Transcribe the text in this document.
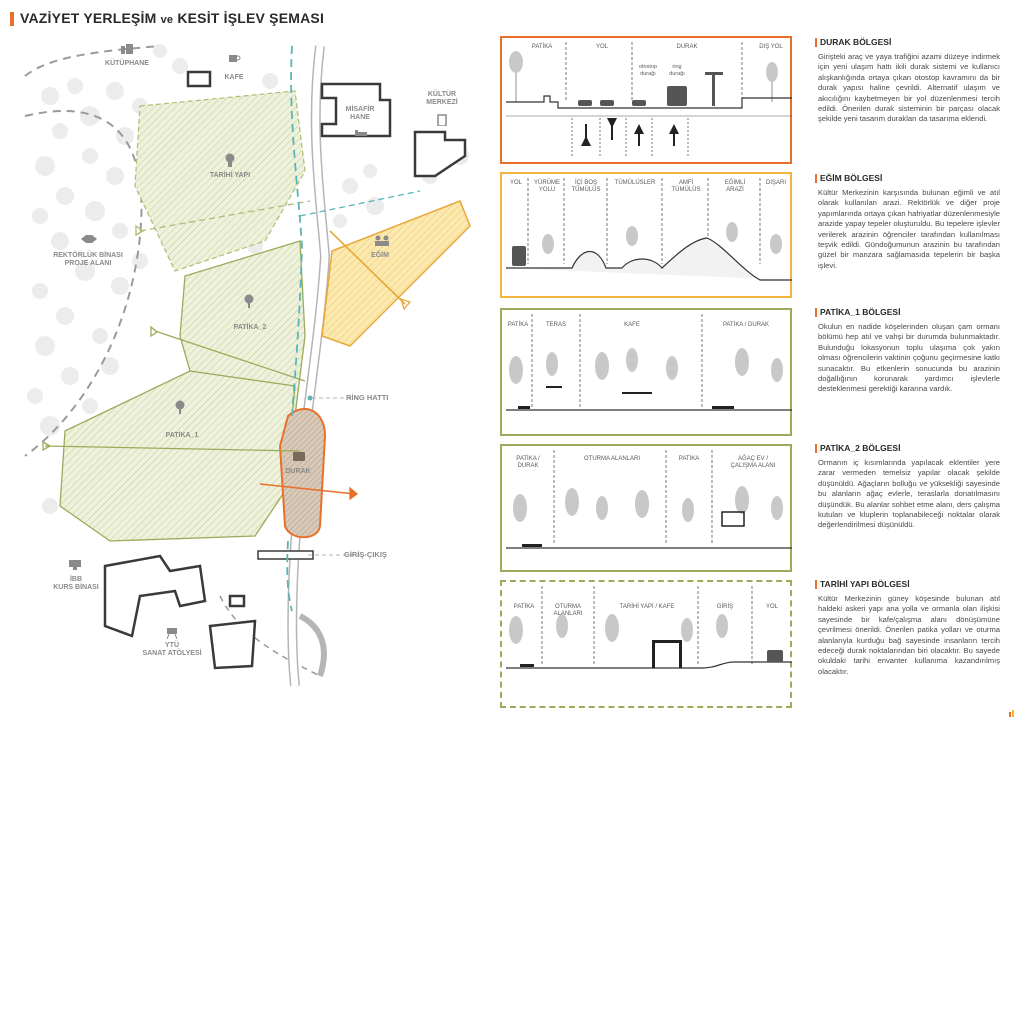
VAZİYET YERLEŞİM ve KESİT İŞLEV ŞEMASI
KÜTÜPHANE
KAFE
MİSAFİR
HANE
KÜLTÜR
MERKEZİ
TARİHİ YAPI
EĞİM
REKTÖRLÜK BİNASI
PROJE ALANI
PATİKA_2
PATİKA_1
DURAK
RİNG HATTI
GİRİŞ-ÇIKIŞ
İBB
KURS BİNASI
YTÜ
SANAT ATÖLYESİ
PATİKA	YOL	DURAK	DIŞ YOL
otostop
durağı
ring
durağı
YOL	YÜRÜME
YOLU
İÇİ BOŞ
TÜMÜLÜS
TÜMÜLÜSLER	AMFİ
TÜMÜLÜS
EĞİMLİ
ARAZİ
DIŞARI
PATİKA	TERAS	KAFE	PATİKA / DURAK
PATİKA /
DURAK
OTURMA ALANLARI	PATİKA	AĞAÇ EV /
ÇALIŞMA ALANI
PATİKA	OTURMA
ALANLARI
TARİHİ YAPI / KAFE	GİRİŞ	YOL
DURAK BÖLGESİ
Girişteki araç ve yaya trafiğini azami düzeye indirmek için yeni ulaşım hattı ikili durak sistemi ve kullanıcı alışkanlığında ortaya çıkan otostop kavramını da bir durak yapısı haline çevrildi. Alternatif ulaşım ve akıcılığını kaybetmeyen bir yol düzenlenmesi tercih edildi. Önerilen durak sisteminin bir parçası olacak şekilde yeni tasarım durakları da tasarıma eklendi.
EĞİM BÖLGESİ
Kültür Merkezinin karşısında bulunan eğimli ve atıl olarak kullanılan arazi. Rektörlük ve diğer proje yapımlarında ortaya çıkan hafriyatlar düzenlenmesiyle arazide yapay tepeler oluşturuldu. Bu tepelere işlevler verilerek arazinin öğrenciler tarafından kullanılması teşvik edildi. Gündoğumunun arazinin bu tarafından güzel bir manzara sağlamasıda tepelerin bir başka işlevi.
PATİKA_1 BÖLGESİ
Okulun en nadide köşelerinden oluşan çam ormanı bölümü hep atıl ve vahşi bir durumda bulunmaktadır. Bulunduğu lokasyonun toplu ulaşıma çok yakın olması öğrencilerin vaktinin çoğunu geçirmesine katkı sunacaktır. Bu etkenlerin sonucunda bu arazinin doğallığının korunarak yardımcı işlevlerle desteklenmesi gerektiği kararına vardık.
PATİKA_2 BÖLGESİ
Ormanın iç kısımlarında yapılacak eklentiler yere zarar vermeden temelsiz yapılar olacak şekilde düşünüldü. Ağaçların bolluğu ve yüksekliği sayesinde bu alanların ağaç evlerle, teraslarla donatılmasını düşündük. Bu alanlar sohbet etme alanı, ders çalışma kutuları ve kluplerin toplanabileceği noktalar olarak değerlendirilmesi düşünüldü.
TARİHİ YAPI BÖLGESİ
Kültür Merkezinin güney köşesinde bulunan atıl haldeki askeri yapı ana yolla ve ormanla olan ilişkisi sayesinde bir kafe/çalışma alanı dönüşümüne çevrilmesi önerildi. Önerilen patika yolları ve oturma alanlarıyla kurduğu bağ sayesinde insanların tercih edeceği durak noktalarından biri olacaktır. Bu sayede okuldaki tarihi envanter kullanıma kazandırılmış olacaktır.
